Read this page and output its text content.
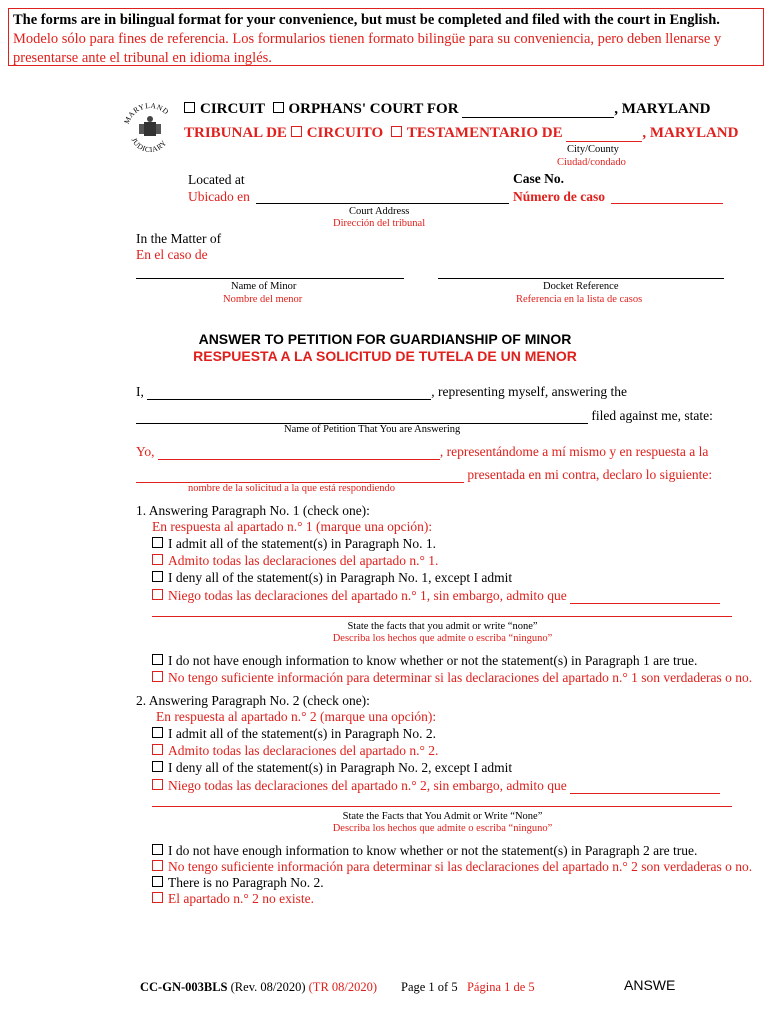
The forms are in bilingual format for your convenience, but must be completed and filed with the court in English.
Modelo sólo para fines de referencia. Los formularios tienen formato bilingüe para su conveniencia, pero deben llenarse y
presentarse ante el tribunal en idioma inglés.
MARYLAND
JUDICIARY
CIRCUIT ORPHANS' COURT FOR	, MARYLAND
TRIBUNAL DE CIRCUITO TESTAMENTARIO DE	, MARYLAND
City/County
Ciudad/condado
Located at
Ubicado en
Court Address
Dirección del tribunal
Case No.
Número de caso
In the Matter of
En el caso de
Name of Minor
Nombre del menor
Docket Reference
Referencia en la lista de casos
ANSWER TO PETITION FOR GUARDIANSHIP OF MINOR
RESPUESTA A LA SOLICITUD DE TUTELA DE UN MENOR
I,	, representing myself, answering the
filed against me, state:
Name of Petition That You are Answering
Yo,	, representándome a mí mismo y en respuesta a la
presentada en mi contra, declaro lo siguiente:
nombre de la solicitud a la que está respondiendo
1. Answering Paragraph No. 1 (check one):
En respuesta al apartado n.° 1 (marque una opción):
I admit all of the statement(s) in Paragraph No. 1.
Admito todas las declaraciones del apartado n.° 1.
I deny all of the statement(s) in Paragraph No. 1, except I admit
Niego todas las declaraciones del apartado n.° 1, sin embargo, admito que
State the facts that you admit or write “none”
Describa los hechos que admite o escriba “ninguno”
I do not have enough information to know whether or not the statement(s) in Paragraph 1 are true.
No tengo suficiente información para determinar si las declaraciones del apartado n.° 1 son verdaderas o no.
2. Answering Paragraph No. 2 (check one):
En respuesta al apartado n.° 2 (marque una opción):
I admit all of the statement(s) in Paragraph No. 2.
Admito todas las declaraciones del apartado n.° 2.
I deny all of the statement(s) in Paragraph No. 2, except I admit
Niego todas las declaraciones del apartado n.° 2, sin embargo, admito que
State the Facts that You Admit or Write “None”
Describa los hechos que admite o escriba “ninguno”
I do not have enough information to know whether or not the statement(s) in Paragraph 2 are true.
No tengo suficiente información para determinar si las declaraciones del apartado n.° 2 son verdaderas o no.
There is no Paragraph No. 2.
El apartado n.° 2 no existe.
CC-GN-003BLS (Rev. 08/2020) (TR 08/2020) Page 1 of 5 Página 1 de 5	ANSWE
